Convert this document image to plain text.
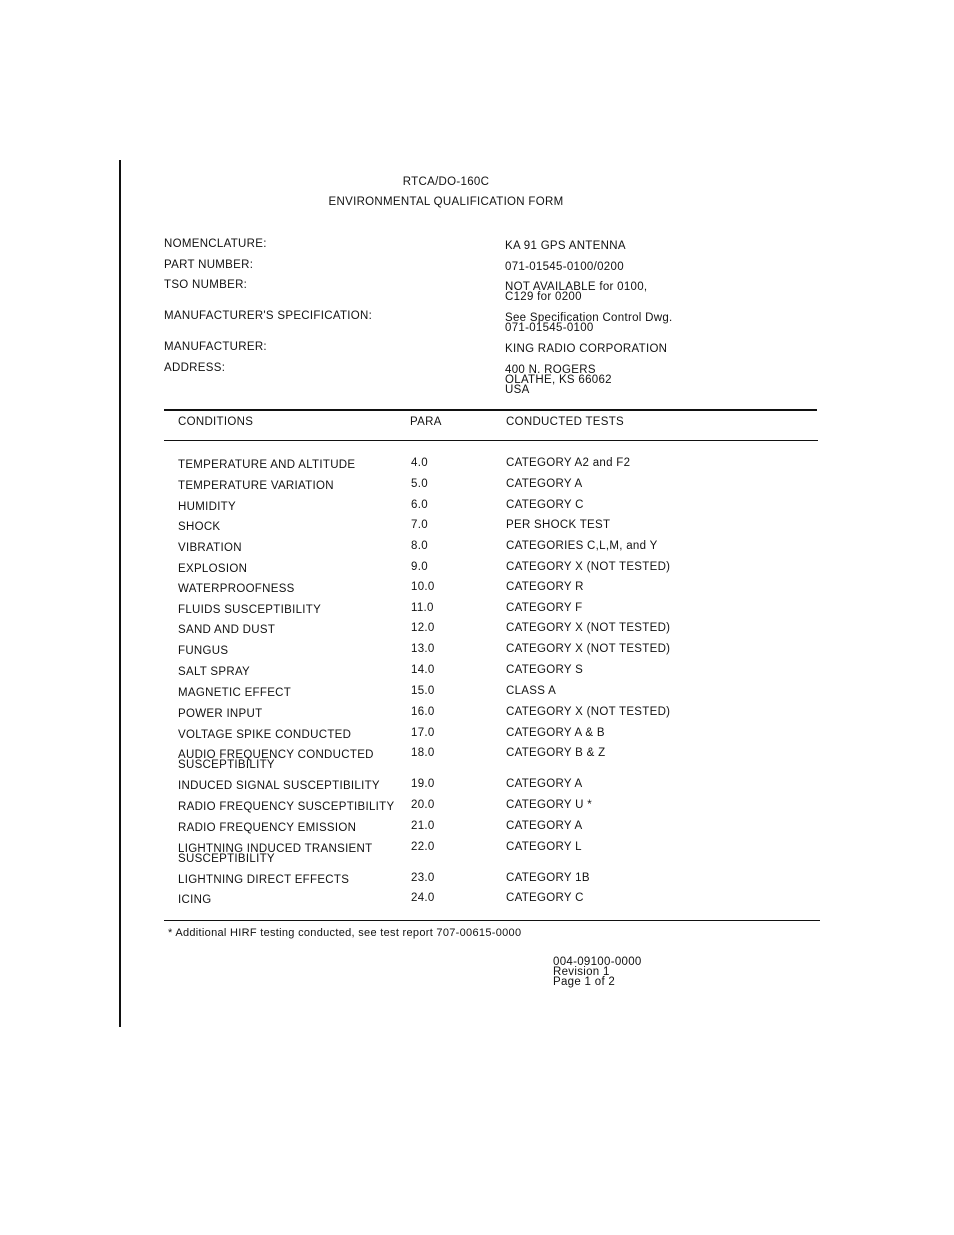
RTCA/DO-160C
ENVIRONMENTAL QUALIFICATION FORM
NOMENCLATURE:	KA 91 GPS ANTENNA
PART NUMBER:	071-01545-0100/0200
TSO NUMBER:	NOT AVAILABLE for 0100,
C129 for 0200
MANUFACTURER'S SPECIFICATION:	See Specification Control Dwg.
071-01545-0100
MANUFACTURER:	KING RADIO CORPORATION
ADDRESS:	400 N. ROGERS
OLATHE, KS 66062
USA
CONDITIONS	PARA	CONDUCTED TESTS
TEMPERATURE AND ALTITUDE	4.0	CATEGORY A2 and F2
TEMPERATURE VARIATION	5.0	CATEGORY A
HUMIDITY	6.0	CATEGORY C
SHOCK	7.0	PER SHOCK TEST
VIBRATION	8.0	CATEGORIES C,L,M, and Y
EXPLOSION	9.0	CATEGORY X (NOT TESTED)
WATERPROOFNESS	10.0	CATEGORY R
FLUIDS SUSCEPTIBILITY	11.0	CATEGORY F
SAND AND DUST	12.0	CATEGORY X (NOT TESTED)
FUNGUS	13.0	CATEGORY X (NOT TESTED)
SALT SPRAY	14.0	CATEGORY S
MAGNETIC EFFECT	15.0	CLASS A
POWER INPUT	16.0	CATEGORY X (NOT TESTED)
VOLTAGE SPIKE CONDUCTED	17.0	CATEGORY A & B
AUDIO FREQUENCY CONDUCTED
SUSCEPTIBILITY
18.0	CATEGORY B & Z
INDUCED SIGNAL SUSCEPTIBILITY	19.0	CATEGORY A
RADIO FREQUENCY SUSCEPTIBILITY	20.0	CATEGORY U *
RADIO FREQUENCY EMISSION	21.0	CATEGORY A
LIGHTNING INDUCED TRANSIENT
SUSCEPTIBILITY
22.0	CATEGORY L
LIGHTNING DIRECT EFFECTS	23.0	CATEGORY 1B
ICING	24.0	CATEGORY C
* Additional HIRF testing conducted, see test report 707-00615-0000
004-09100-0000
Revision 1
Page 1 of 2
